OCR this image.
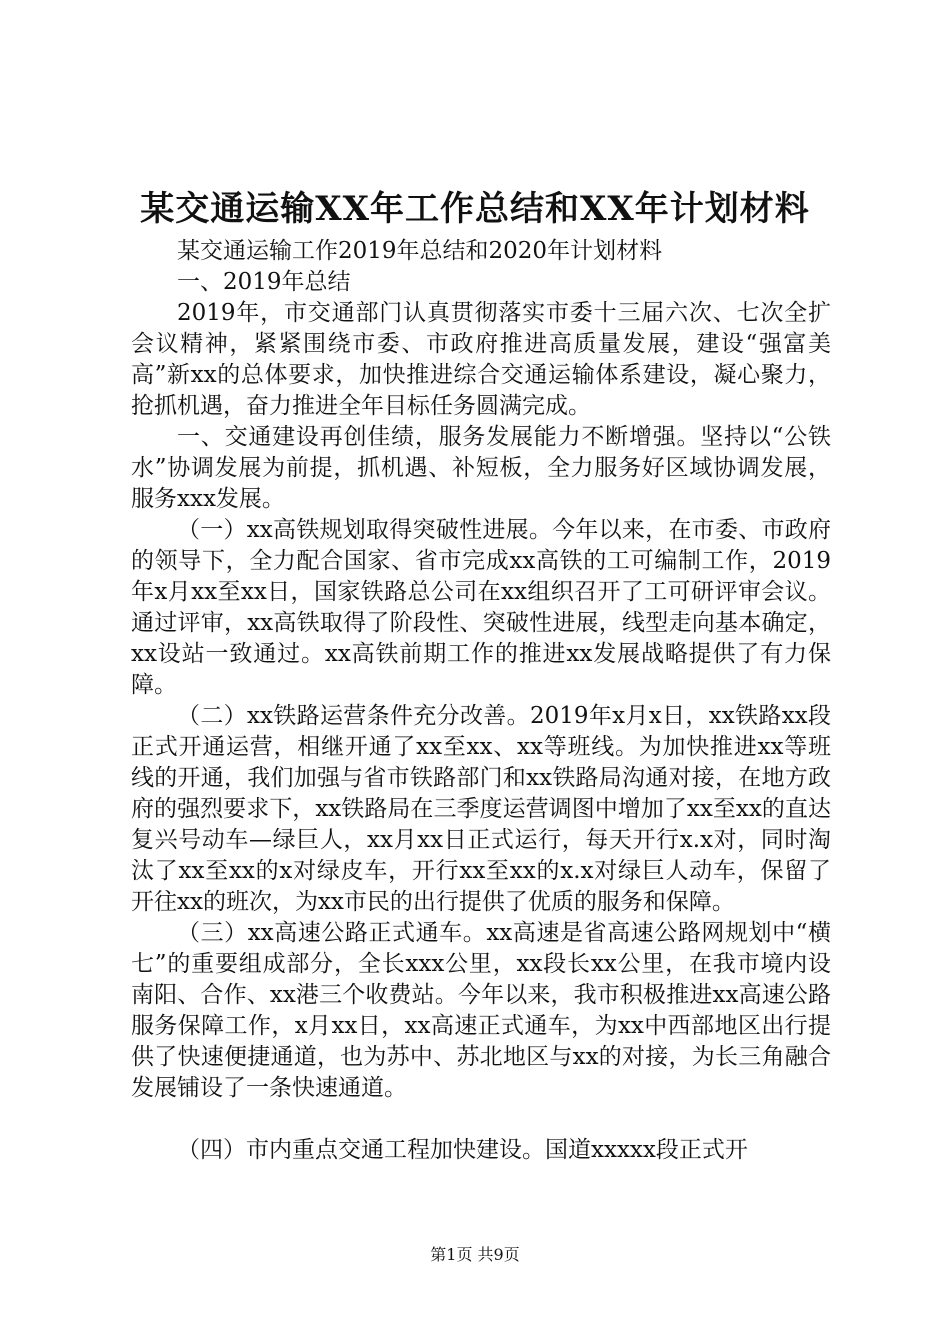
某交通运输XX年工作总结和XX年计划材料

某交通运输工作2019年总结和2020年计划材料

一、2019年总结

2019年，市交通部门认真贯彻落实市委十三届六次、七次全扩会议精神，紧紧围绕市委、市政府推进高质量发展，建设“强富美高”新xx的总体要求，加快推进综合交通运输体系建设，凝心聚力，抢抓机遇，奋力推进全年目标任务圆满完成。

一、交通建设再创佳绩，服务发展能力不断增强。坚持以“公铁水”协调发展为前提，抓机遇、补短板，全力服务好区域协调发展，服务xxx发展。

（一）xx高铁规划取得突破性进展。今年以来，在市委、市政府的领导下，全力配合国家、省市完成xx高铁的工可编制工作，2019年x月xx至xx日，国家铁路总公司在xx组织召开了工可研评审会议。通过评审，xx高铁取得了阶段性、突破性进展，线型走向基本确定，xx设站一致通过。xx高铁前期工作的推进xx发展战略提供了有力保障。

（二）xx铁路运营条件充分改善。2019年x月x日，xx铁路xx段正式开通运营，相继开通了xx至xx、xx等班线。为加快推进xx等班线的开通，我们加强与省市铁路部门和xx铁路局沟通对接，在地方政府的强烈要求下，xx铁路局在三季度运营调图中增加了xx至xx的直达复兴号动车—绿巨人，xx月xx日正式运行，每天开行x.x对，同时淘汰了xx至xx的x对绿皮车，开行xx至xx的x.x对绿巨人动车，保留了开往xx的班次，为xx市民的出行提供了优质的服务和保障。

（三）xx高速公路正式通车。xx高速是省高速公路网规划中“横七”的重要组成部分，全长xxx公里，xx段长xx公里，在我市境内设南阳、合作、xx港三个收费站。今年以来，我市积极推进xx高速公路服务保障工作，x月xx日，xx高速正式通车，为xx中西部地区出行提供了快速便捷通道，也为苏中、苏北地区与xx的对接，为长三角融合发展铺设了一条快速通道。

（四）市内重点交通工程加快建设。国道xxxxx段正式开

第1页 共9页
